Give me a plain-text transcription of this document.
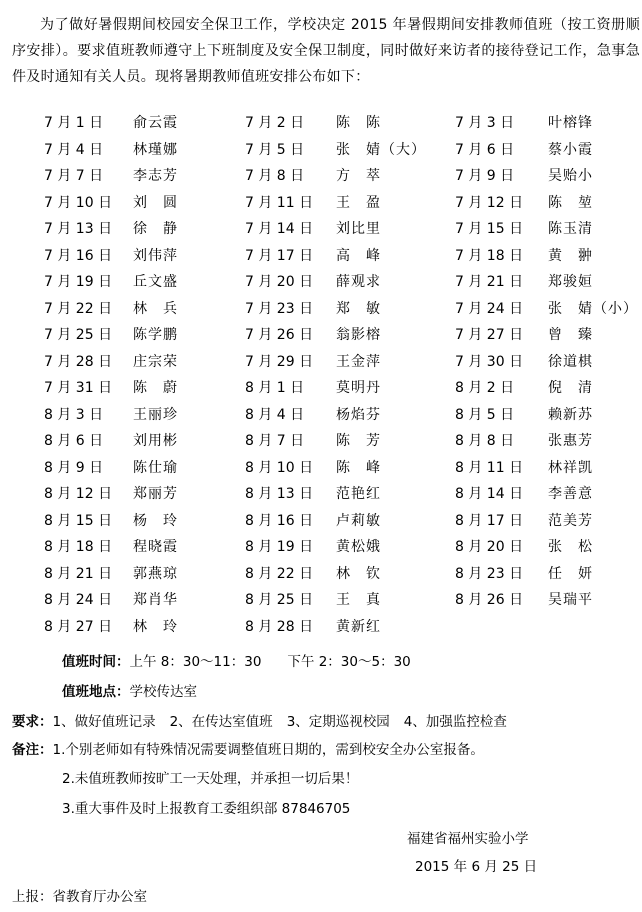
为了做好暑假期间校园安全保卫工作，学校决定 2015 年暑假期间安排教师值班（按工资册顺序安排）。要求值班教师遵守上下班制度及安全保卫制度，同时做好来访者的接待登记工作，急事急件及时通知有关人员。现将暑期教师值班安排公布如下：
7 月 1 日 俞云霞	7 月 2 日 陈　陈	7 月 3 日 叶榕锋
7 月 4 日 林瑾娜	7 月 5 日 张　婧（大） 7 月 6 日 蔡小霞
7 月 7 日 李志芳	7 月 8 日 方　萃	7 月 9 日 吴贻小
7 月 10 日 刘　圆	7 月 11 日 王　盈	7 月 12 日 陈　堃
7 月 13 日 徐　静	7 月 14 日 刘比里	7 月 15 日 陈玉清
7 月 16 日 刘伟萍	7 月 17 日 高　峰	7 月 18 日 黄　翀
7 月 19 日 丘文盛	7 月 20 日 薛观求	7 月 21 日 郑骏姮
7 月 22 日 林　兵	7 月 23 日 郑　敏	7 月 24 日 张　婧（小）
7 月 25 日 陈学鹏	7 月 26 日 翁影榕	7 月 27 日 曾　臻
7 月 28 日 庄宗荣	7 月 29 日 王金萍	7 月 30 日 徐道棋
7 月 31 日 陈　蔚	8 月 1 日 莫明丹	8 月 2 日 倪　清
8 月 3 日 王丽珍	8 月 4 日 杨焰芬	8 月 5 日 赖新苏
8 月 6 日 刘用彬	8 月 7 日 陈　芳	8 月 8 日 张惠芳
8 月 9 日 陈仕瑜	8 月 10 日 陈　峰	8 月 11 日 林祥凯
8 月 12 日 郑丽芳	8 月 13 日 范艳红	8 月 14 日 李善意
8 月 15 日 杨　玲	8 月 16 日 卢莉敏	8 月 17 日 范美芳
8 月 18 日 程晓霞	8 月 19 日 黄松娥	8 月 20 日 张　松
8 月 21 日 郭燕琼	8 月 22 日 林　钦	8 月 23 日 任　妍
8 月 24 日 郑肖华	8 月 25 日 王　真	8 月 26 日 吴瑞平
8 月 27 日 林　玲	8 月 28 日 黄新红
值班时间：上午 8：30～11：30 下午 2：30～5：30
值班地点：学校传达室
要求：1、做好值班记录 2、在传达室值班 3、定期巡视校园 4、加强监控检查
备注：1.个别老师如有特殊情况需要调整值班日期的，需到校安全办公室报备。
2.未值班教师按旷工一天处理，并承担一切后果！
3.重大事件及时上报教育工委组织部 87846705
福建省福州实验小学
2015 年 6 月 25 日
上报：省教育厅办公室
